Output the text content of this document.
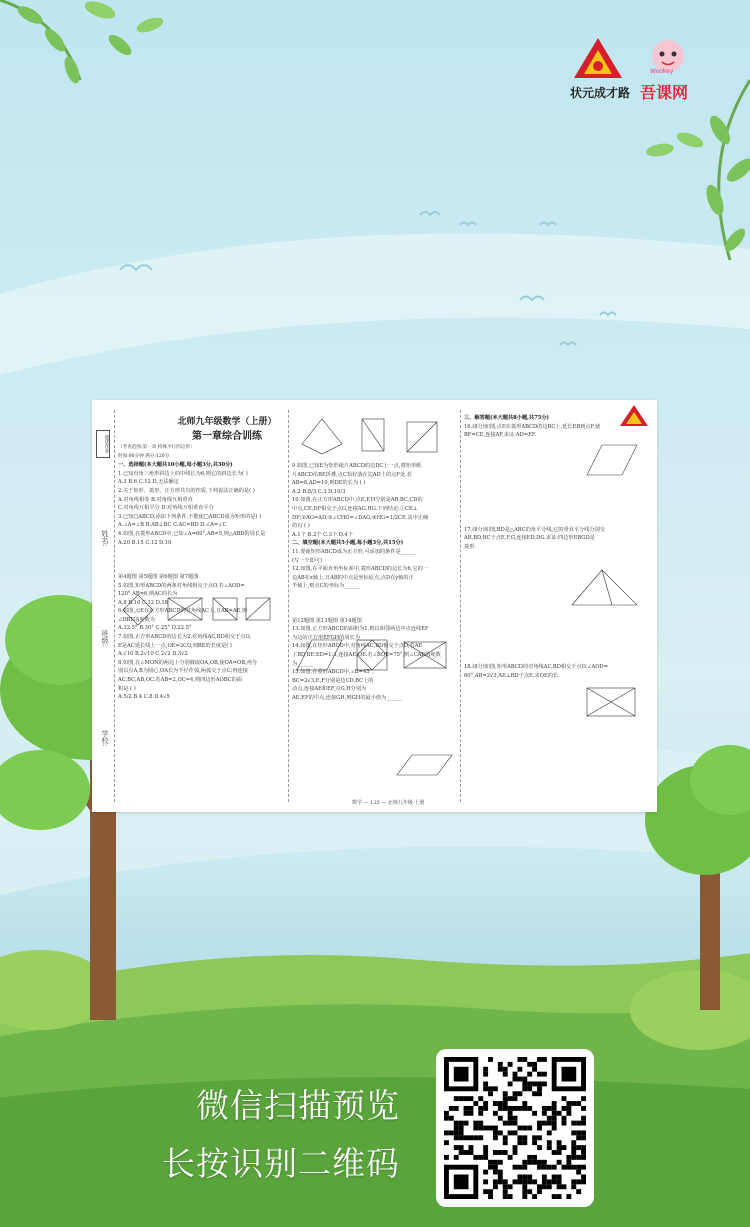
状元成才路
Wookey
吾课网
创优作业
姓名:
班级:
学校:
北师九年级数学（上册）
第一章综合训练

（考查范围:第一章 特殊平行四边形）

时间:90分钟 满分:120分

一、选择题(本大题共10小题,每小题3分,共30分)

1.已知直角三角形斜边上的中线长为6,则它的斜边长为( )

A.3 B.6 C.12 D.无法确定

2.关于矩形、菱形、正方形共有的性质,下列说法正确的是( )

A.对角线相等 B.对角线互相垂直

C.对角线互相平分 D.对角线互相垂直平分

3.已知□ABCD,添加下列条件,不能使□ABCD成为矩形的是( )

A.∠A=∠B B.AB⊥BC C.AC=BD D.∠A=∠C

4.如图,在菱形ABCD中,已知∠A=60°,AB=5,则△ABD的周长是

A.20 B.15 C.12 D.10

第4题图 第5题图 第6题图 第7题图

5.如图,矩形ABCD的两条对角线相交于点O,若∠AOD=

120°,AB=6,则AC的长为

A.8 B.10 C.12 D.18

6.如图,点E在正方形ABCD的对角线AC上,且AB=AE,则

∠DBE的度数为

A.32.5° B.30° C.25° D.22.5°

7.如图,正方形ABCD的边长为2,对角线AC,BD相交于点O,

E是AC延长线上一点,OE=2CO,则BE的长度是( )

A.√10 B.2√10 C.2√2 D.3√2

8.如图,在∠MON的两边上分别截取OA,OB,使OA=OB;再分

别以点A,B为圆心,OA长为半径作弧,两弧交于点C;再连接

AC,BC,AB,OC.若AB=2,OC=4,则四边形AOBC的面

积是 ( )

A.5/2 B.4 C.8 D.4√5

9.如图,已知E为矩形纸片ABCD的边DC上一点,将矩形纸

片ABCD沿BE折叠,点C恰好落在边AD上的点F处.若

AB=8,AD=10,则DE的长为 ( )

A.2 B.8/3 C.3 D.10/3

10.如图,在正方形ABCD中,点E,F,H分别是AB,BC,CD的

中点,CE,DF相交于点G,连接AG,HG.下列结论:①CE⊥

DF;②AG=AD;③∠CHG=∠DAG;④HG=1/2CE.其中正确

的有 ( )

A.1个 B.2个 C.3个 D.4个

二、填空题(本大题共5小题,每小题3分,共15分)

11.要使矩形ABCD成为正方形,可添加的条件是______

(写一个即可)

12.如图,在平面直角坐标系中,菱形ABCD的边长为6,它的一

边AB在x轴上,且AB的中点是坐标原点,点D在y轴的正

半轴上,则点C的坐标为______

第12题图 第13题图 第14题图

13.如图,正方形ABCD的面积为1,则以相邻两边中点连线EF

为边的正方形EFGH的周长为______

14.如图,在矩形ABCD中,对角线AC,BD相交于点O,若AE

上BD,BE:ED=1:3,连接AE,OE.若∠BOE=75°,则∠CAE的度数

为______

15.如图,在菱形ABCD中,∠B=45°,

BC=2√3,E,F分别是边CD,BC上的

动点,连接AE和EF,点G,H分别为

AE,EF的中点,连接GH,则GH的最小值为______

三、解答题(本大题共8小题,共75分)

16.(8分)如图,点E在菱形ABCD的边BC上,延长EB到点F,使

BF=CE,连接AF,求证:AD=EF.

17.(8分)如图,BD是△ABC的角平分线,它的垂直平分线分别交

AB,BD,BC于点E,F,G,连接ED,DG.求证:四边形EBGD是

菱形.

18.(8分)如图,矩形ABCD的对角线AC,BD相交于点O,∠AOD=

60°,AB=2√3,AE⊥BD于点E,求OE的长.

数学 — 125 — 北师九年级·上册
微信扫描预览
长按识别二维码
